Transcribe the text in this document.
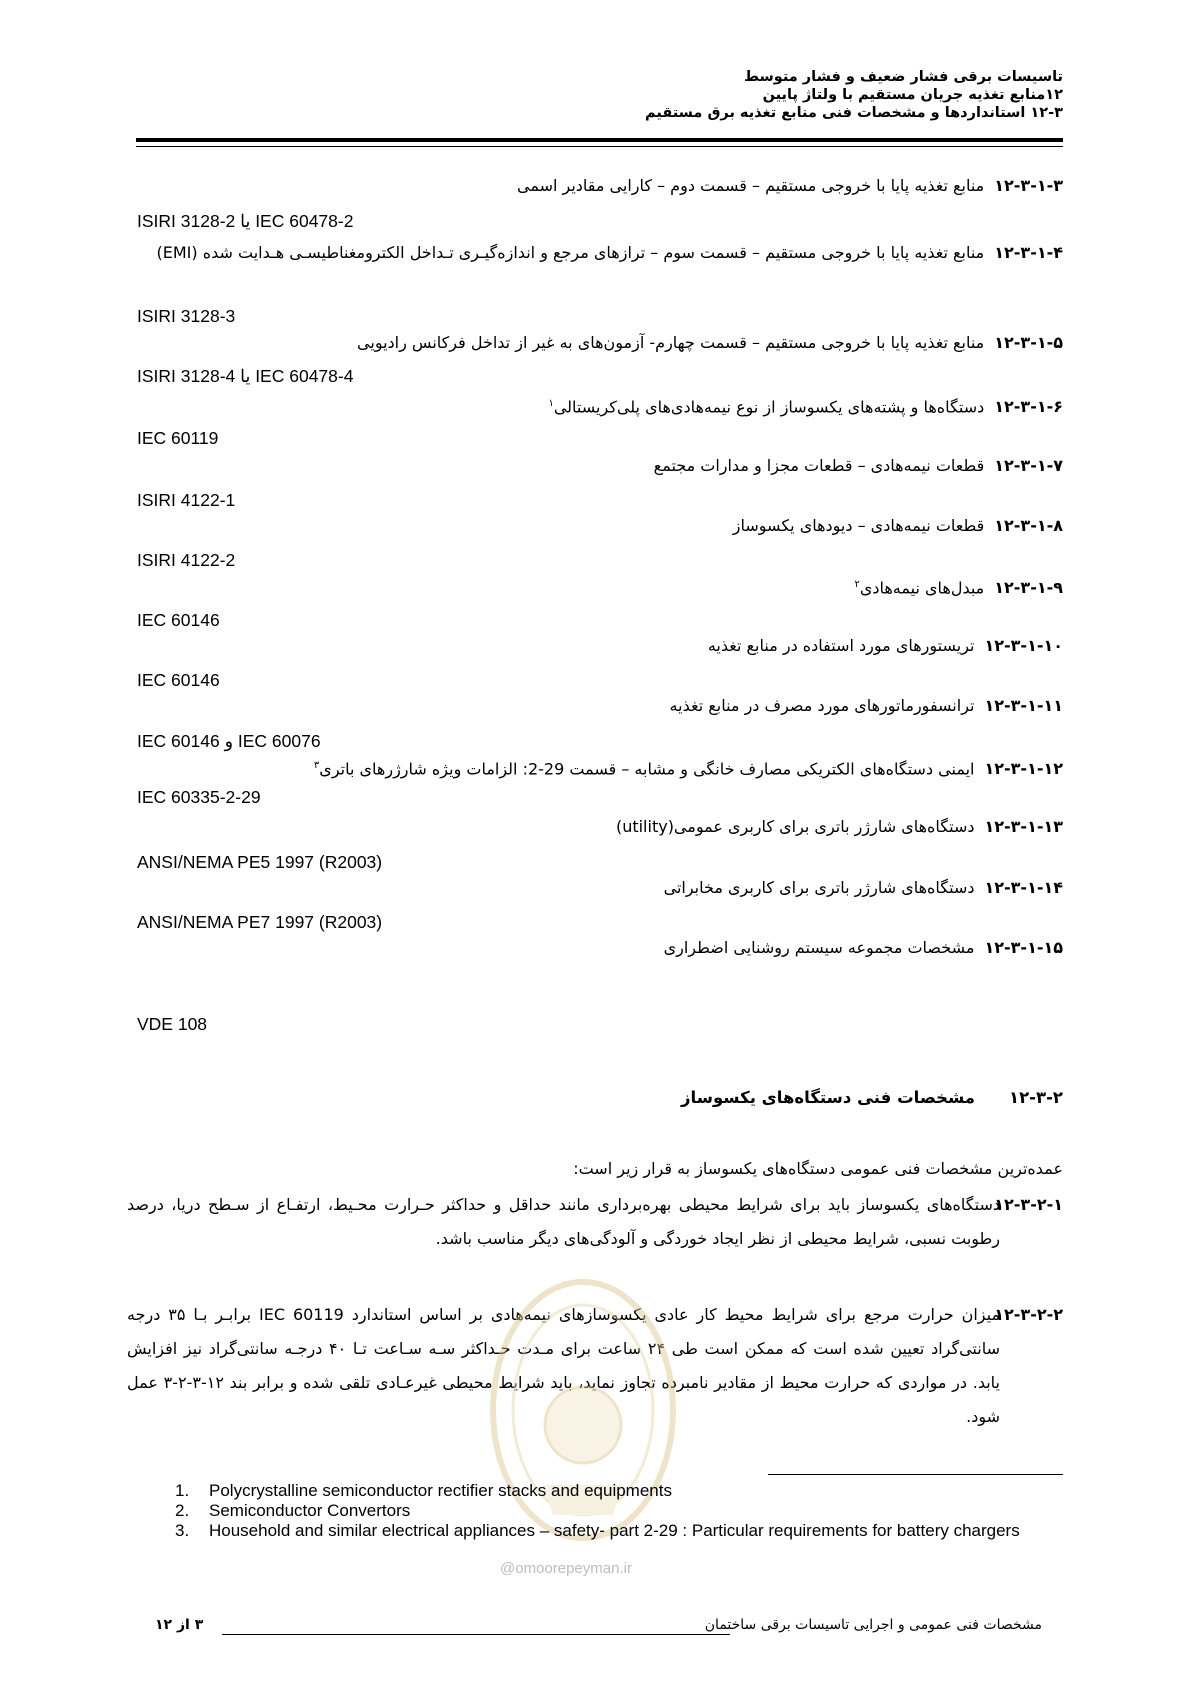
تاسیسات برقی فشار ضعیف و فشار متوسط
۱۲منابع تغذیه جریان مستقیم با ولتاژ پایین
۱۲-۳ استانداردها و مشخصات فنی منابع تغذیه برق مستقیم
۱۲-۳-۱-۳منابع تغذیه پایا با خروجی مستقیم – قسمت دوم – کارایی مقادیر اسمی
ISIRI 3128-2 یا IEC 60478-2
۱۲-۳-۱-۴منابع تغذیه پایا با خروجی مستقیم – قسمت سوم – ترازهای مرجع و اندازه‌گیـری تـداخل الکترومغناطیسـی هـدایت شده (EMI)
ISIRI 3128-3
۱۲-۳-۱-۵منابع تغذیه پایا با خروجی مستقیم – قسمت چهارم- آزمون‌های به غیر از تداخل فرکانس رادیویی
ISIRI 3128-4 یا IEC 60478-4
۱۲-۳-۱-۶دستگاه‌ها و پشته‌های یکسوساز از نوع نیمه‌هادی‌های پلی‌کریستالی$^۱$
IEC 60119
۱۲-۳-۱-۷قطعات نیمه‌هادی – قطعات مجزا و مدارات مجتمع
ISIRI 4122-1
۱۲-۳-۱-۸قطعات نیمه‌هادی – دیودهای یکسوساز
ISIRI 4122-2
۱۲-۳-۱-۹مبدل‌های نیمه‌هادی$^۲$
IEC 60146
۱۲-۳-۱-۱۰تریستورهای مورد استفاده در منابع تغذیه
IEC 60146
۱۲-۳-۱-۱۱ترانسفورماتورهای مورد مصرف در منابع تغذیه
IEC 60146 و IEC 60076
۱۲-۳-۱-۱۲ایمنی دستگاه‌های الکتریکی مصارف خانگی و مشابه – قسمت 29-2: الزامات ویژه شارژرهای باتری$^۳$
IEC 60335-2-29
۱۲-۳-۱-۱۳دستگاه‌های شارژر باتری برای کاربری عمومی(utility)
ANSI/NEMA PE5 1997 (R2003)
۱۲-۳-۱-۱۴دستگاه‌های شارژر باتری برای کاربری مخابراتی
ANSI/NEMA PE7 1997 (R2003)
۱۲-۳-۱-۱۵مشخصات مجموعه سیستم روشنایی اضطراری
VDE 108
۱۲-۳-۲مشخصات فنی دستگاه‌های یکسوساز
عمده‌ترین مشخصات فنی عمومی دستگاه‌های یکسوساز به قرار زیر است:
۱۲-۳-۲-۱
دستگاه‌های یکسوساز باید برای شرایط محیطی بهره‌برداری مانند حداقل و حداکثر حـرارت محـیط، ارتفـاع از سـطح دریا، درصد رطوبت نسبی، شرایط محیطی از نظر ایجاد خوردگی و آلودگی‌های دیگر مناسب باشد.
۱۲-۳-۲-۲
میزان حرارت مرجع برای شرایط محیط کار عادی یکسوسازهای نیمه‌هادی بر اساس استاندارد IEC 60119 برابـر بـا ۳۵ درجه سانتی‌گراد تعیین شده است که ممکن است طی ۲۴ ساعت برای مـدت حـداکثر سـه سـاعت تـا ۴۰ درجـه سانتی‌گراد نیز افزایش یابد. در مواردی که حرارت محیط از مقادیر نامبرده تجاوز نماید، باید شرایط محیطی غیرعـادی تلقی شده و برابر بند ۱۲-۳-۲-۳ عمل شود.
@omoorepeyman.ir
1. Polycrystalline semiconductor rectifier stacks and equipments
2. Semiconductor Convertors
3. Household and similar electrical appliances – safety- part 2-29 : Particular requirements for battery chargers
مشخصات فنی عمومی و اجرایی تاسیسات برقی ساختمان
۳ از ۱۲
